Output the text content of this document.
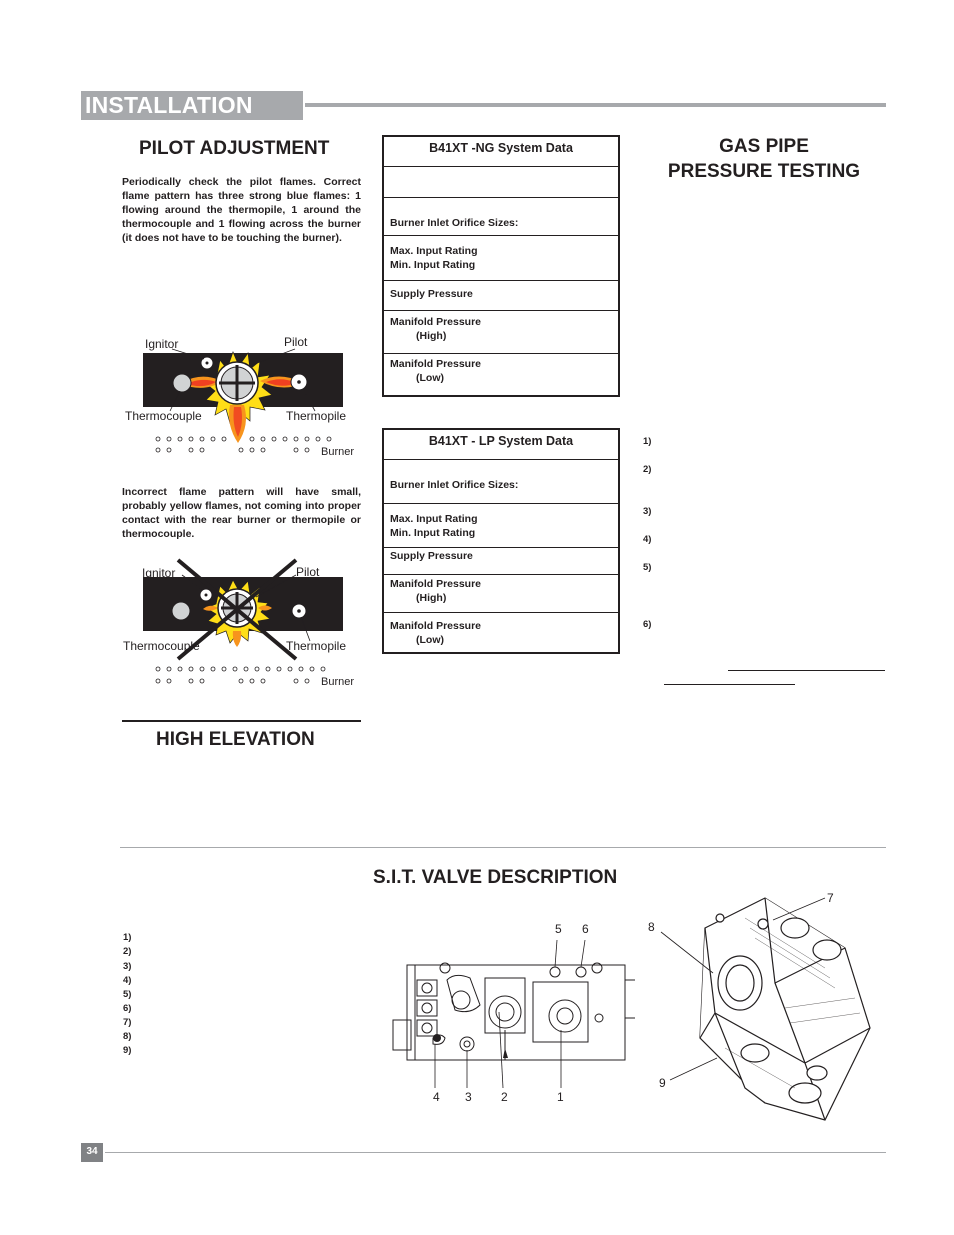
INSTALLATION
PILOT ADJUSTMENT
Periodically check the pilot flames. Correct flame pattern has three strong blue flames: 1 flowing around the thermopile, 1 around the thermocouple and 1 flowing across the burner (it does not have to be touching the burner).
Ignitor	Pilot
Thermocouple	Thermopile
Burner
Incorrect flame pattern will have small, probably yellow flames, not coming into proper contact with the rear burner or thermopile or thermocouple.
Ignitor	Pilot
Thermocouple	Thermopile
Burner
HIGH ELEVATION
B41XT -NG System Data
Burner Inlet Orifice Sizes:
Max. Input Rating
Min. Input Rating
Supply Pressure
Manifold Pressure
(High)
Manifold Pressure
(Low)
B41XT - LP System Data
Burner Inlet Orifice Sizes:
Max. Input Rating
Min. Input Rating
Supply Pressure
Manifold Pressure
(High)
Manifold Pressure
(Low)
GAS PIPE
PRESSURE TESTING
1)
2)
3)
4)
5)
6)
S.I.T. VALVE DESCRIPTION
1)
2)
3)
4)
5)
6)
7)
8)
9)
5 6
4 3 2	1
8
7
9
34
